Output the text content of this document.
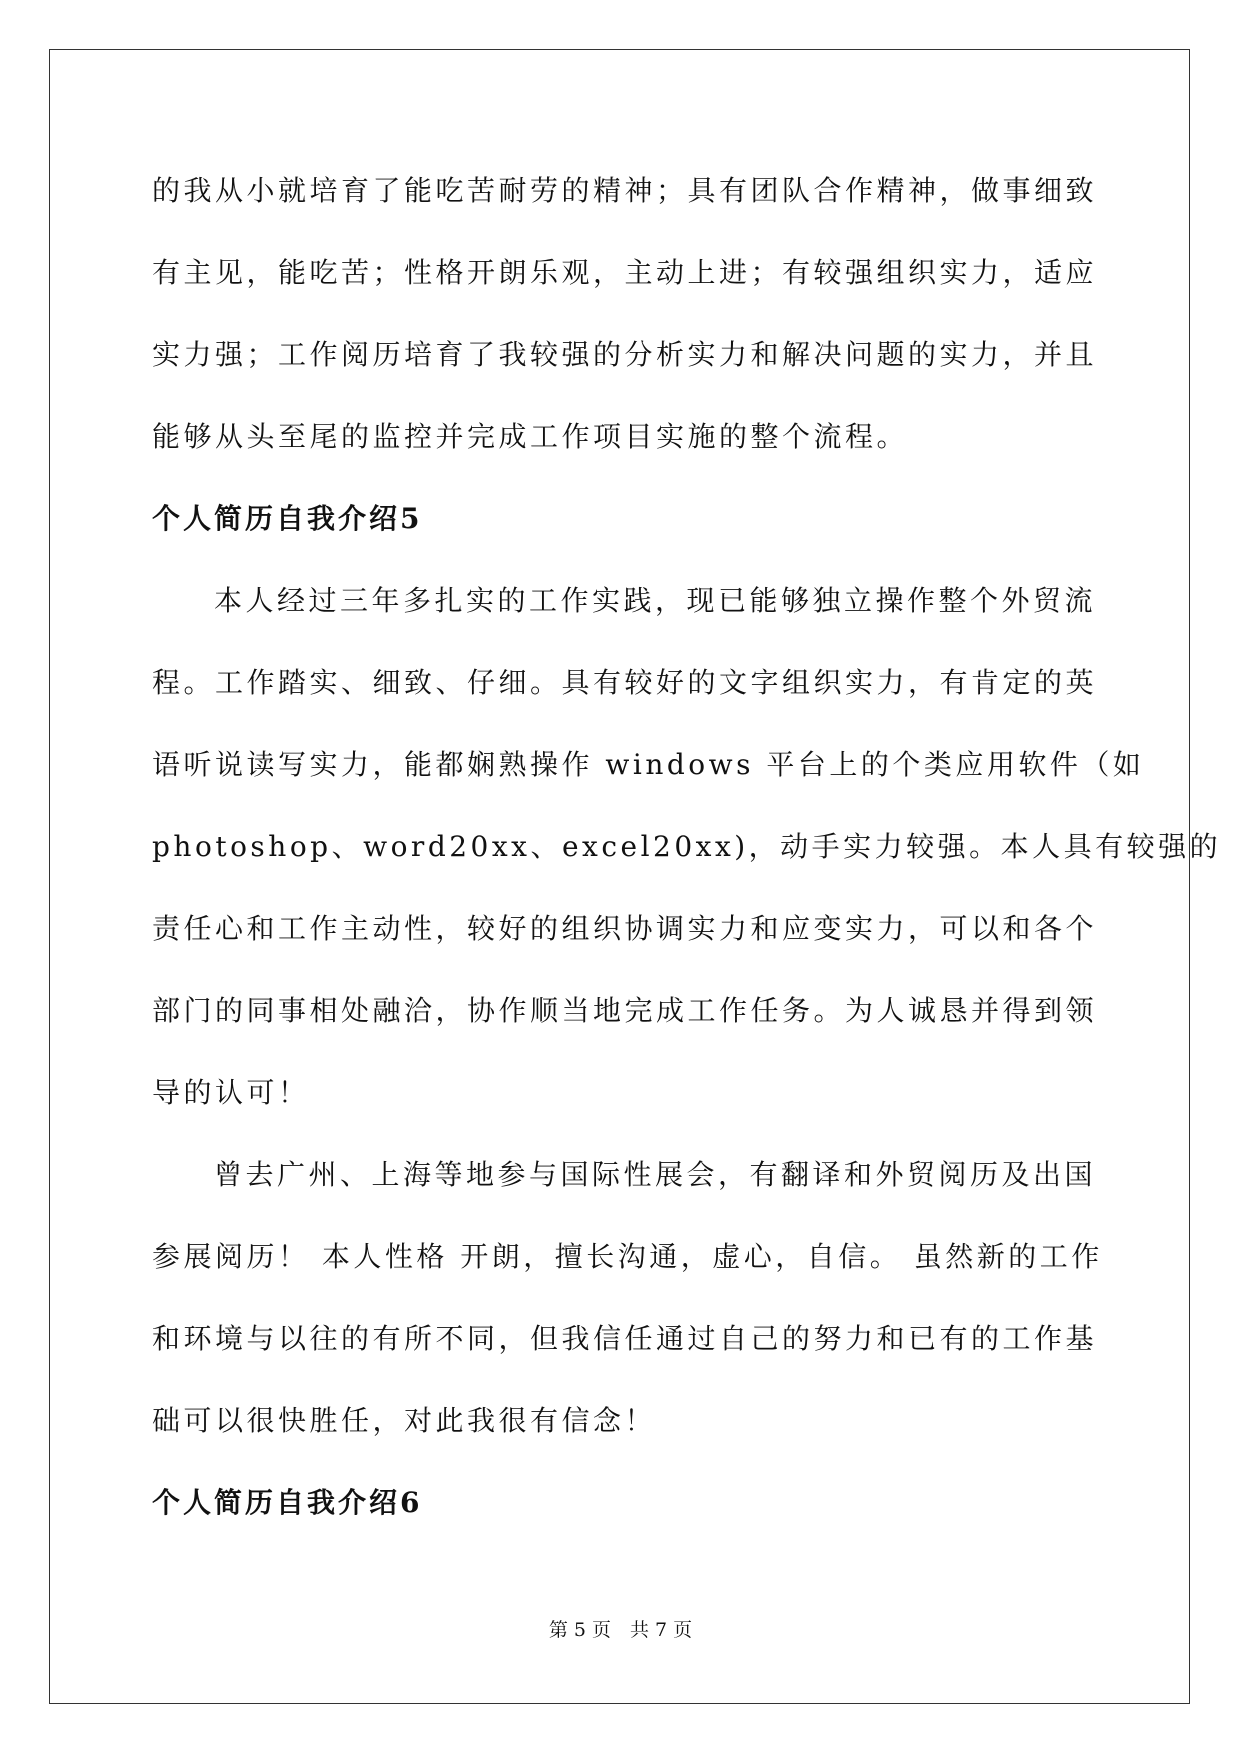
的我从小就培育了能吃苦耐劳的精神；具有团队合作精神，做事细致
有主见，能吃苦；性格开朗乐观，主动上进；有较强组织实力，适应
实力强；工作阅历培育了我较强的分析实力和解决问题的实力，并且
能够从头至尾的监控并完成工作项目实施的整个流程。

个人简历自我介绍5

本人经过三年多扎实的工作实践，现已能够独立操作整个外贸流
程。工作踏实、细致、仔细。具有较好的文字组织实力，有肯定的英
语听说读写实力，能都娴熟操作 windows 平台上的个类应用软件（如
photoshop、word20xx、excel20xx)，动手实力较强。本人具有较强的
责任心和工作主动性，较好的组织协调实力和应变实力，可以和各个
部门的同事相处融洽，协作顺当地完成工作任务。为人诚恳并得到领
导的认可！

曾去广州、上海等地参与国际性展会，有翻译和外贸阅历及出国
参展阅历！ 本人性格 开朗，擅长沟通，虚心，自信。 虽然新的工作
和环境与以往的有所不同，但我信任通过自己的努力和已有的工作基
础可以很快胜任，对此我很有信念！

个人简历自我介绍6
第 5 页　共 7 页
